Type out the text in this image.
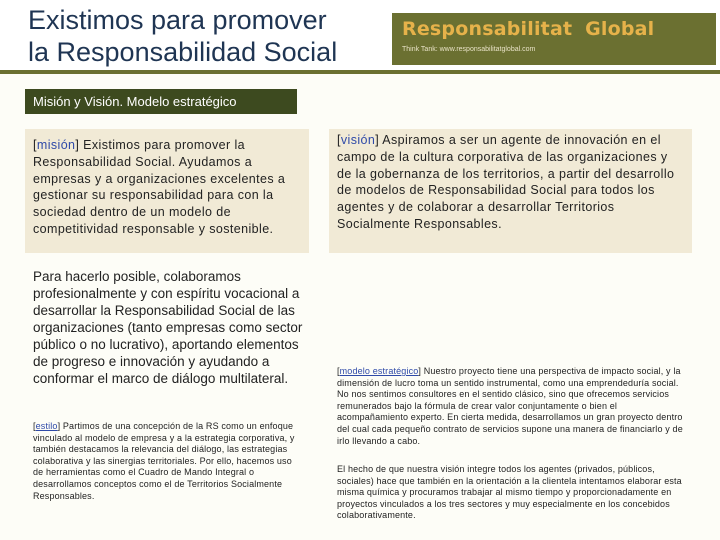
Existimos para promover
la Responsabilidad Social
Responsabilitat Global
Think Tank: www.responsabilitatglobal.com
Misión y Visión. Modelo estratégico
[misión] Existimos para promover la Responsabilidad Social. Ayudamos a empresas y a organizaciones excelentes a gestionar su responsabilidad para con la sociedad dentro de un modelo de competitividad responsable y sostenible.
[visión] Aspiramos a ser un agente de innovación en el campo de la cultura corporativa de las organizaciones y de la gobernanza de los territorios, a partir del desarrollo de modelos de Responsabilidad Social para todos los agentes y de colaborar a desarrollar Territorios Socialmente Responsables.
Para hacerlo posible, colaboramos profesionalmente y con espíritu vocacional a desarrollar la Responsabilidad Social de las organizaciones (tanto empresas como sector público o no lucrativo), aportando elementos de progreso e innovación y ayudando a conformar el marco de diálogo multilateral.
[estilo] Partimos de una concepción de la RS como un enfoque vinculado al modelo de empresa y a la estrategia corporativa, y también destacamos la relevancia del diálogo, las estrategias colaborativa y las sinergias territoriales. Por ello, hacemos uso de herramientas como el Cuadro de Mando Integral o desarrollamos conceptos como el de Territorios Socialmente Responsables.
[modelo estratégico] Nuestro proyecto tiene una perspectiva de impacto social, y la dimensión de lucro toma un sentido instrumental, como una emprendeduría social. No nos sentimos consultores en el sentido clásico, sino que ofrecemos servicios remunerados bajo la fórmula de crear valor conjuntamente o bien el acompañamiento experto. En cierta medida, desarrollamos un gran proyecto dentro del cual cada pequeño contrato de servicios supone una manera de financiarlo y de irlo llevando a cabo.
El hecho de que nuestra visión integre todos los agentes (privados, públicos, sociales) hace que también en la orientación a la clientela intentamos elaborar esta misma química y procuramos trabajar al mismo tiempo y proporcionadamente en proyectos vinculados a los tres sectores y muy especialmente en los concebidos colaborativamente.
